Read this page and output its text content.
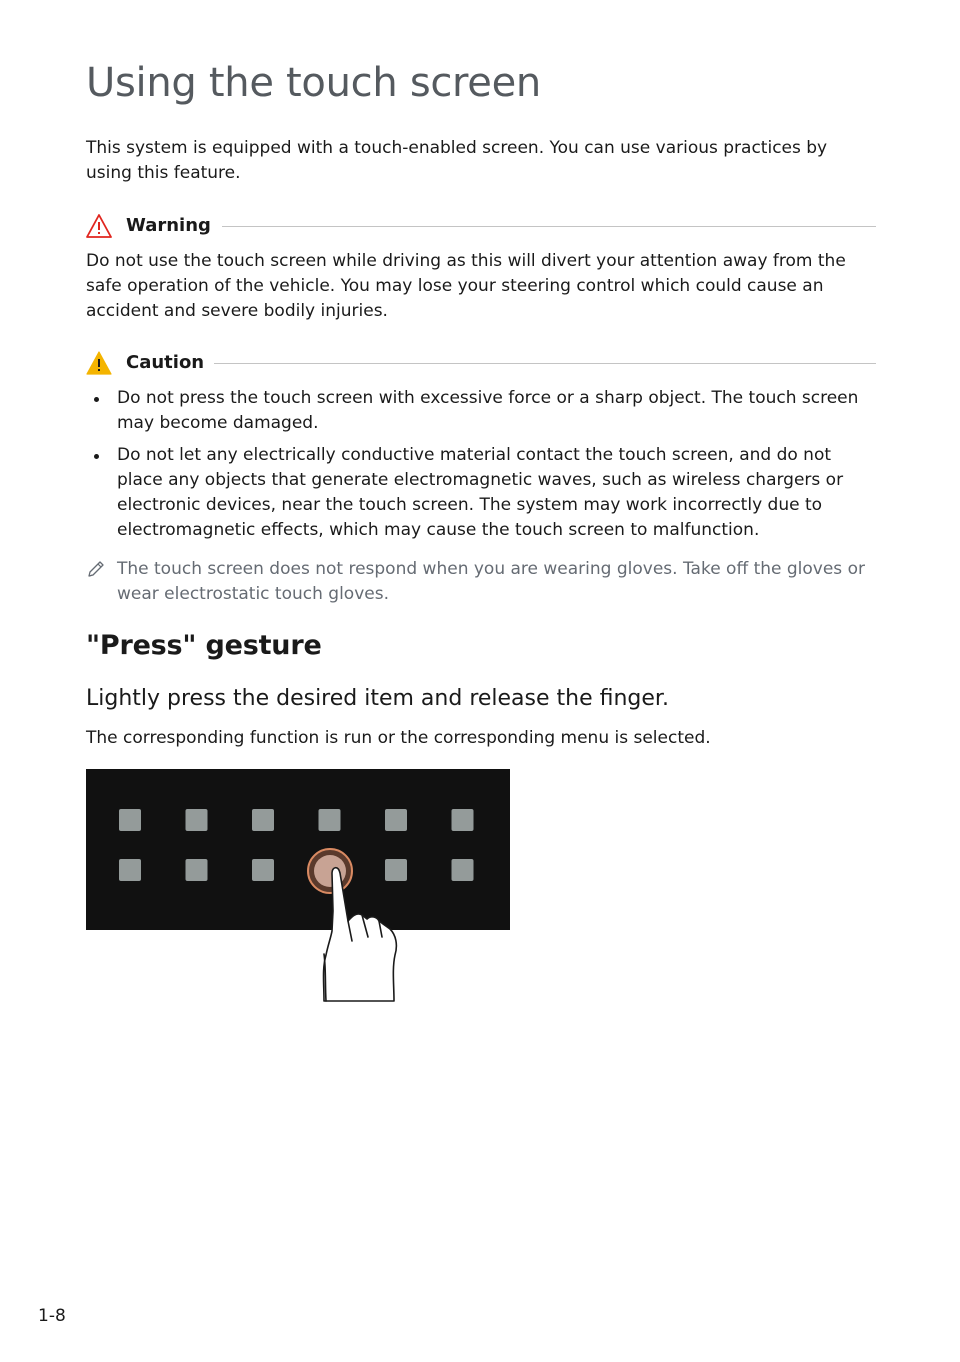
Using the touch screen

This system is equipped with a touch-enabled screen. You can use various practices by using this feature.

Warning

Do not use the touch screen while driving as this will divert your attention away from the safe operation of the vehicle. You may lose your steering control which could cause an accident and severe bodily injuries.

Caution
Do not press the touch screen with excessive force or a sharp object. The touch screen may become damaged.
Do not let any electrically conductive material contact the touch screen, and do not place any objects that generate electromagnetic waves, such as wireless chargers or electronic devices, near the touch screen. The system may work incorrectly due to electromagnetic effects, which may cause the touch screen to malfunction.
The touch screen does not respond when you are wearing gloves. Take off the gloves or wear electrostatic touch gloves.
"Press" gesture
Lightly press the desired item and release the finger.

The corresponding function is run or the corresponding menu is selected.

1-8
